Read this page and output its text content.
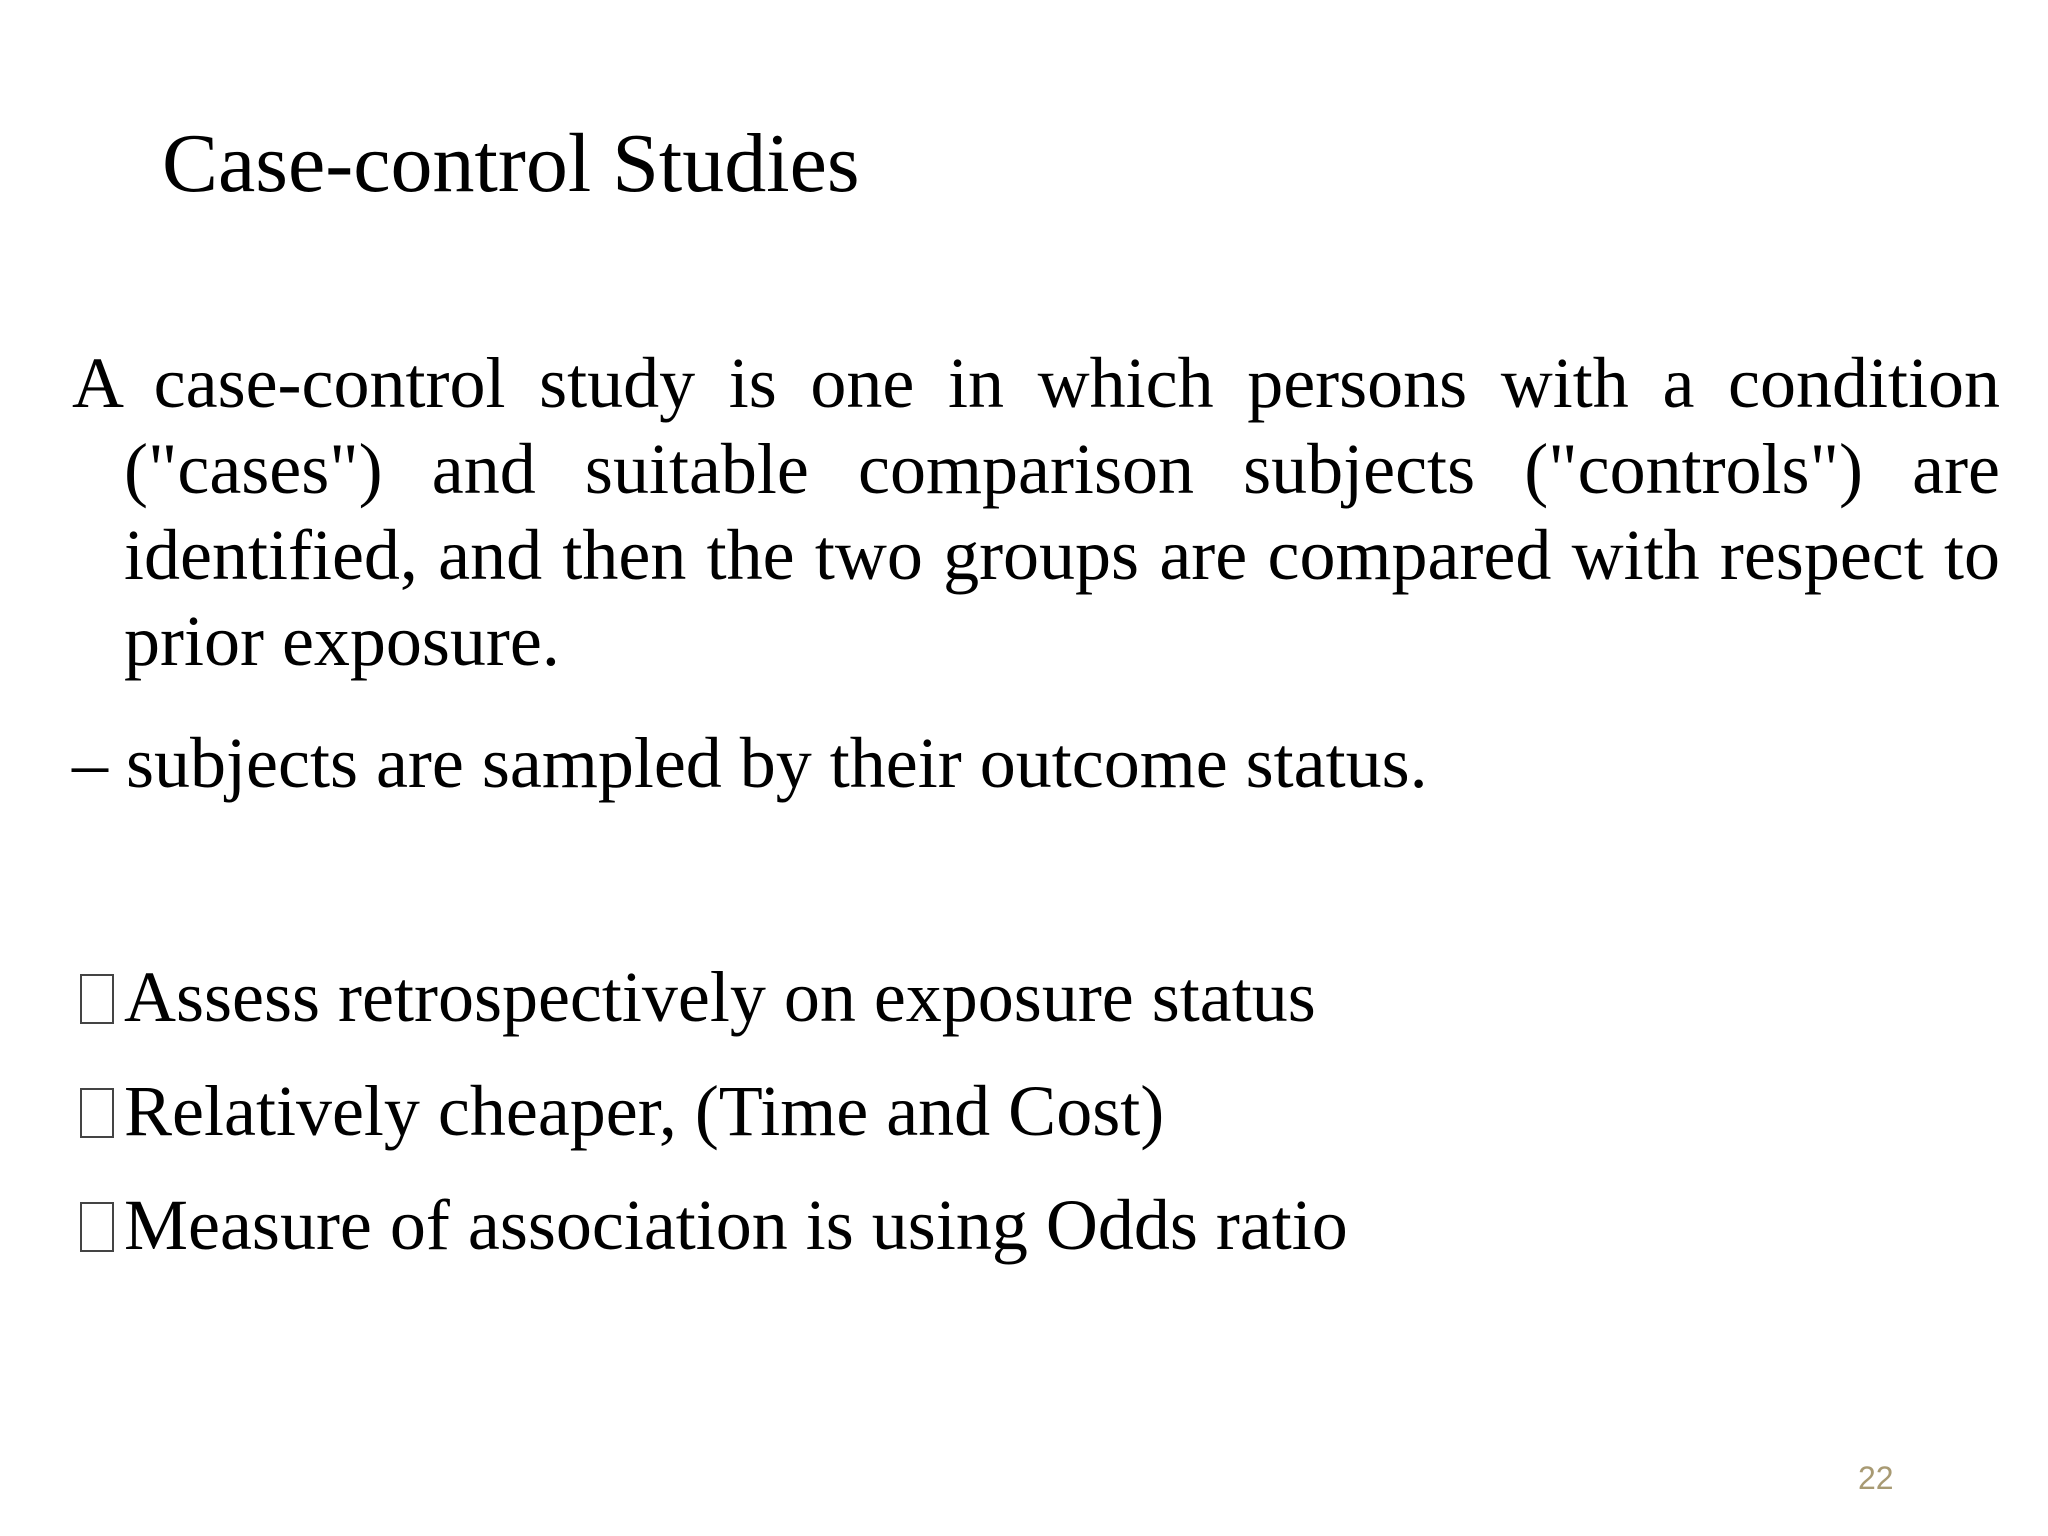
Case-control Studies
A case-control study is one in which persons with a condition ("cases") and suitable comparison subjects ("controls") are identified, and then the two groups are compared with respect to prior exposure.
– subjects are sampled by their outcome status.
Assess retrospectively on exposure status
Relatively cheaper, (Time and Cost)
Measure of association is using Odds ratio
22
